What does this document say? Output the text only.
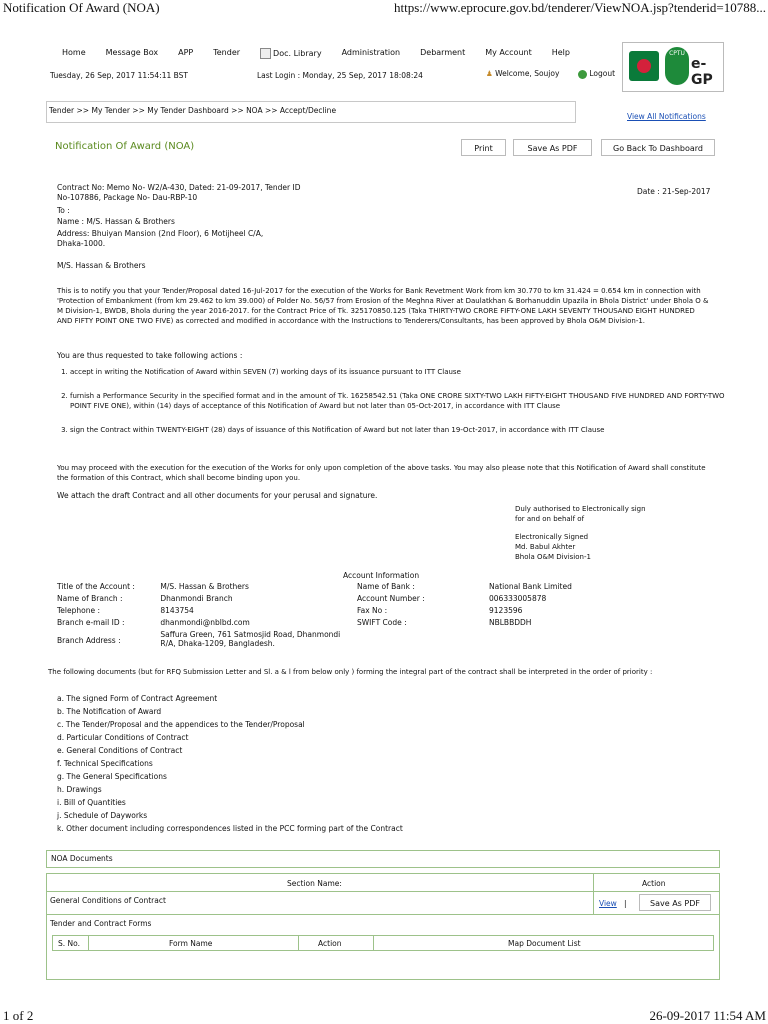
Notification Of Award (NOA)	https://www.eprocure.gov.bd/tenderer/ViewNOA.jsp?tenderid=10788...
Home	Message Box	APP	Tender	Doc. Library	Administration	Debarment	My Account	Help
Tuesday, 26 Sep, 2017 11:54:11 BST	Last Login : Monday, 25 Sep, 2017 18:08:24	♟ Welcome, Soujoy	Logout
CPTU
e-GP
Tender >> My Tender >> My Tender Dashboard >> NOA >> Accept/Decline
View All Notifications
Notification Of Award (NOA)	Print	Save As PDF	Go Back To Dashboard
Contract No: Memo No- W2/A-430, Dated: 21-09-2017, Tender ID
No-107886, Package No- Dau-RBP-10
Date : 21-Sep-2017
To :
Name : M/S. Hassan & Brothers
Address: Bhuiyan Mansion (2nd Floor), 6 Motijheel C/A,
Dhaka-1000.
M/S. Hassan & Brothers
This is to notify you that your Tender/Proposal dated 16-Jul-2017 for the execution of the Works for Bank Revetment Work from km 30.770 to km 31.424 = 0.654 km in connection with 'Protection of Embankment (from km 29.462 to km 39.000) of Polder No. 56/57 from Erosion of the Meghna River at Daulatkhan & Borhanuddin Upazila in Bhola District' under Bhola O & M Division-1, BWDB, Bhola during the year 2016-2017. for the Contract Price of Tk. 325170850.125 (Taka THIRTY-TWO CRORE FIFTY-ONE LAKH SEVENTY THOUSAND EIGHT HUNDRED AND FIFTY POINT ONE TWO FIVE) as corrected and modified in accordance with the Instructions to Tenderers/Consultants, has been approved by Bhola O&M Division-1.
You are thus requested to take following actions :
1. accept in writing the Notification of Award within SEVEN (7) working days of its issuance pursuant to ITT Clause
2. furnish a Performance Security in the specified format and in the amount of Tk. 16258542.51 (Taka ONE CRORE SIXTY-TWO LAKH FIFTY-EIGHT THOUSAND FIVE HUNDRED AND FORTY-TWO POINT FIVE ONE), within (14) days of acceptance of this Notification of Award but not later than 05-Oct-2017, in accordance with ITT Clause
3. sign the Contract within TWENTY-EIGHT (28) days of issuance of this Notification of Award but not later than 19-Oct-2017, in accordance with ITT Clause
You may proceed with the execution for the execution of the Works for only upon completion of the above tasks. You may also please note that this Notification of Award shall constitute the formation of this Contract, which shall become binding upon you.
We attach the draft Contract and all other documents for your perusal and signature.
Duly authorised to Electronically sign
for and on behalf of
Electronically Signed
Md. Babul Akhter
Bhola O&M Division-1
Account Information
Title of the Account :	M/S. Hassan & Brothers
Name of Branch :	Dhanmondi Branch
Telephone :	8143754
Branch e-mail ID :	dhanmondi@nblbd.com
Branch Address :	Saffura Green, 761 Satmosjid Road, Dhanmondi R/A, Dhaka-1209, Bangladesh.
Name of Bank :	National Bank Limited
Account Number :	006333005878
Fax No :	9123596
SWIFT Code :	NBLBBDDH
The following documents (but for RFQ Submission Letter and Sl. a & l from below only ) forming the integral part of the contract shall be interpreted in the order of priority :
a. The signed Form of Contract Agreement
b. The Notification of Award
c. The Tender/Proposal and the appendices to the Tender/Proposal
d. Particular Conditions of Contract
e. General Conditions of Contract
f. Technical Specifications
g. The General Specifications
h. Drawings
i. Bill of Quantities
j. Schedule of Dayworks
k. Other document including correspondences listed in the PCC forming part of the Contract
NOA Documents
Section Name:	Action
General Conditions of Contract	View |	Save As PDF
Tender and Contract Forms
S. No.	Form Name	Action	Map Document List
1 of 2	26-09-2017 11:54 AM
